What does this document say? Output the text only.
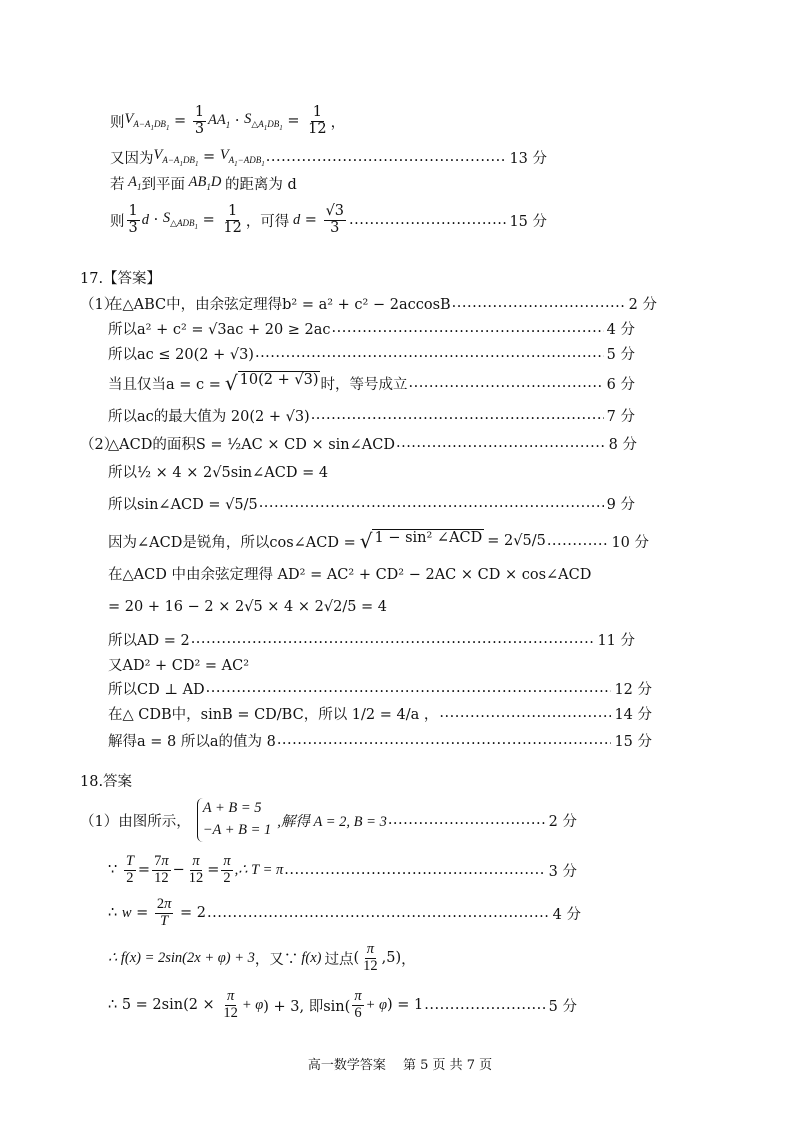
则 $V_{A-A_1DB_1} = \frac{1}{3} AA_1 \cdot S_{\triangle A_1DB_1} = \frac{1}{12}$ ，
又因为 $V_{A-A_1DB_1} = V_{A_1-ADB_1}$ .....	13 分
若 $A_1$ 到平面 $AB_1D$ 的距离为 d
则 $\frac{1}{3}$ $d \cdot S_{\triangle ADB_1} = \frac{1}{12}$ ，可得 $d = \frac{√3}{3}$ .....	15 分
17.【答案】
（1）
在△ABC中，由余弦定理得b² = a² + c² − 2accosB .....	2 分
所以a² + c² = √3ac + 20 ≥ 2ac .....	4 分
所以ac ≤ 20(2 + √3) .....	5 分
当且仅当a = c = √ 10(2 + √3) 时，等号成立 .....	6 分
所以ac的最大值为 20(2 + √3) .....	7 分
（2）
△ACD的面积S = ½AC × CD × sin∠ACD .....	8 分
所以½ × 4 × 2√5sin∠ACD = 4
所以sin∠ACD = √5/5 .....	9 分
因为∠ACD是锐角，所以cos∠ACD = √ 1 − sin² ∠ACD = 2√5/5 .....	10 分
在△ACD 中由余弦定理得 AD² = AC² + CD² − 2AC × CD × cos∠ACD
= 20 + 16 − 2 × 2√5 × 4 × 2√2/5 = 4
所以AD = 2 .....	11 分
又AD² + CD² = AC²
所以CD ⊥ AD .....	12 分
在△ CDB中，sinB = CD/BC，所以 1/2 = 4/a ， .....	14 分
解得a = 8 所以a的值为 8 .....	15 分
18.答案
（1）由图所示，
A + B = 5
−A + B = 1
,解得 A = 2, B = 3 .....	2 分
∵ $\frac{T}{2} = \frac{7\pi}{12} - \frac{\pi}{12} = \frac{\pi}{2}$ ,∴ T = π .....	3 分
∴ $w = \frac{2\pi}{T} = 2$ .....	4 分
∴ f(x) = 2sin(2x + φ) + 3 ，又∵ f(x) 过点 ( $\frac{\pi}{12} ,5$) ，
∴ $5 = 2\sin(2 \times \frac{\pi}{12} + \varphi$ ) + 3, 即$\sin( \frac{\pi}{6} + \varphi$ ) = 1 .....	5 分
高一数学答案　 第 5 页 共 7 页
